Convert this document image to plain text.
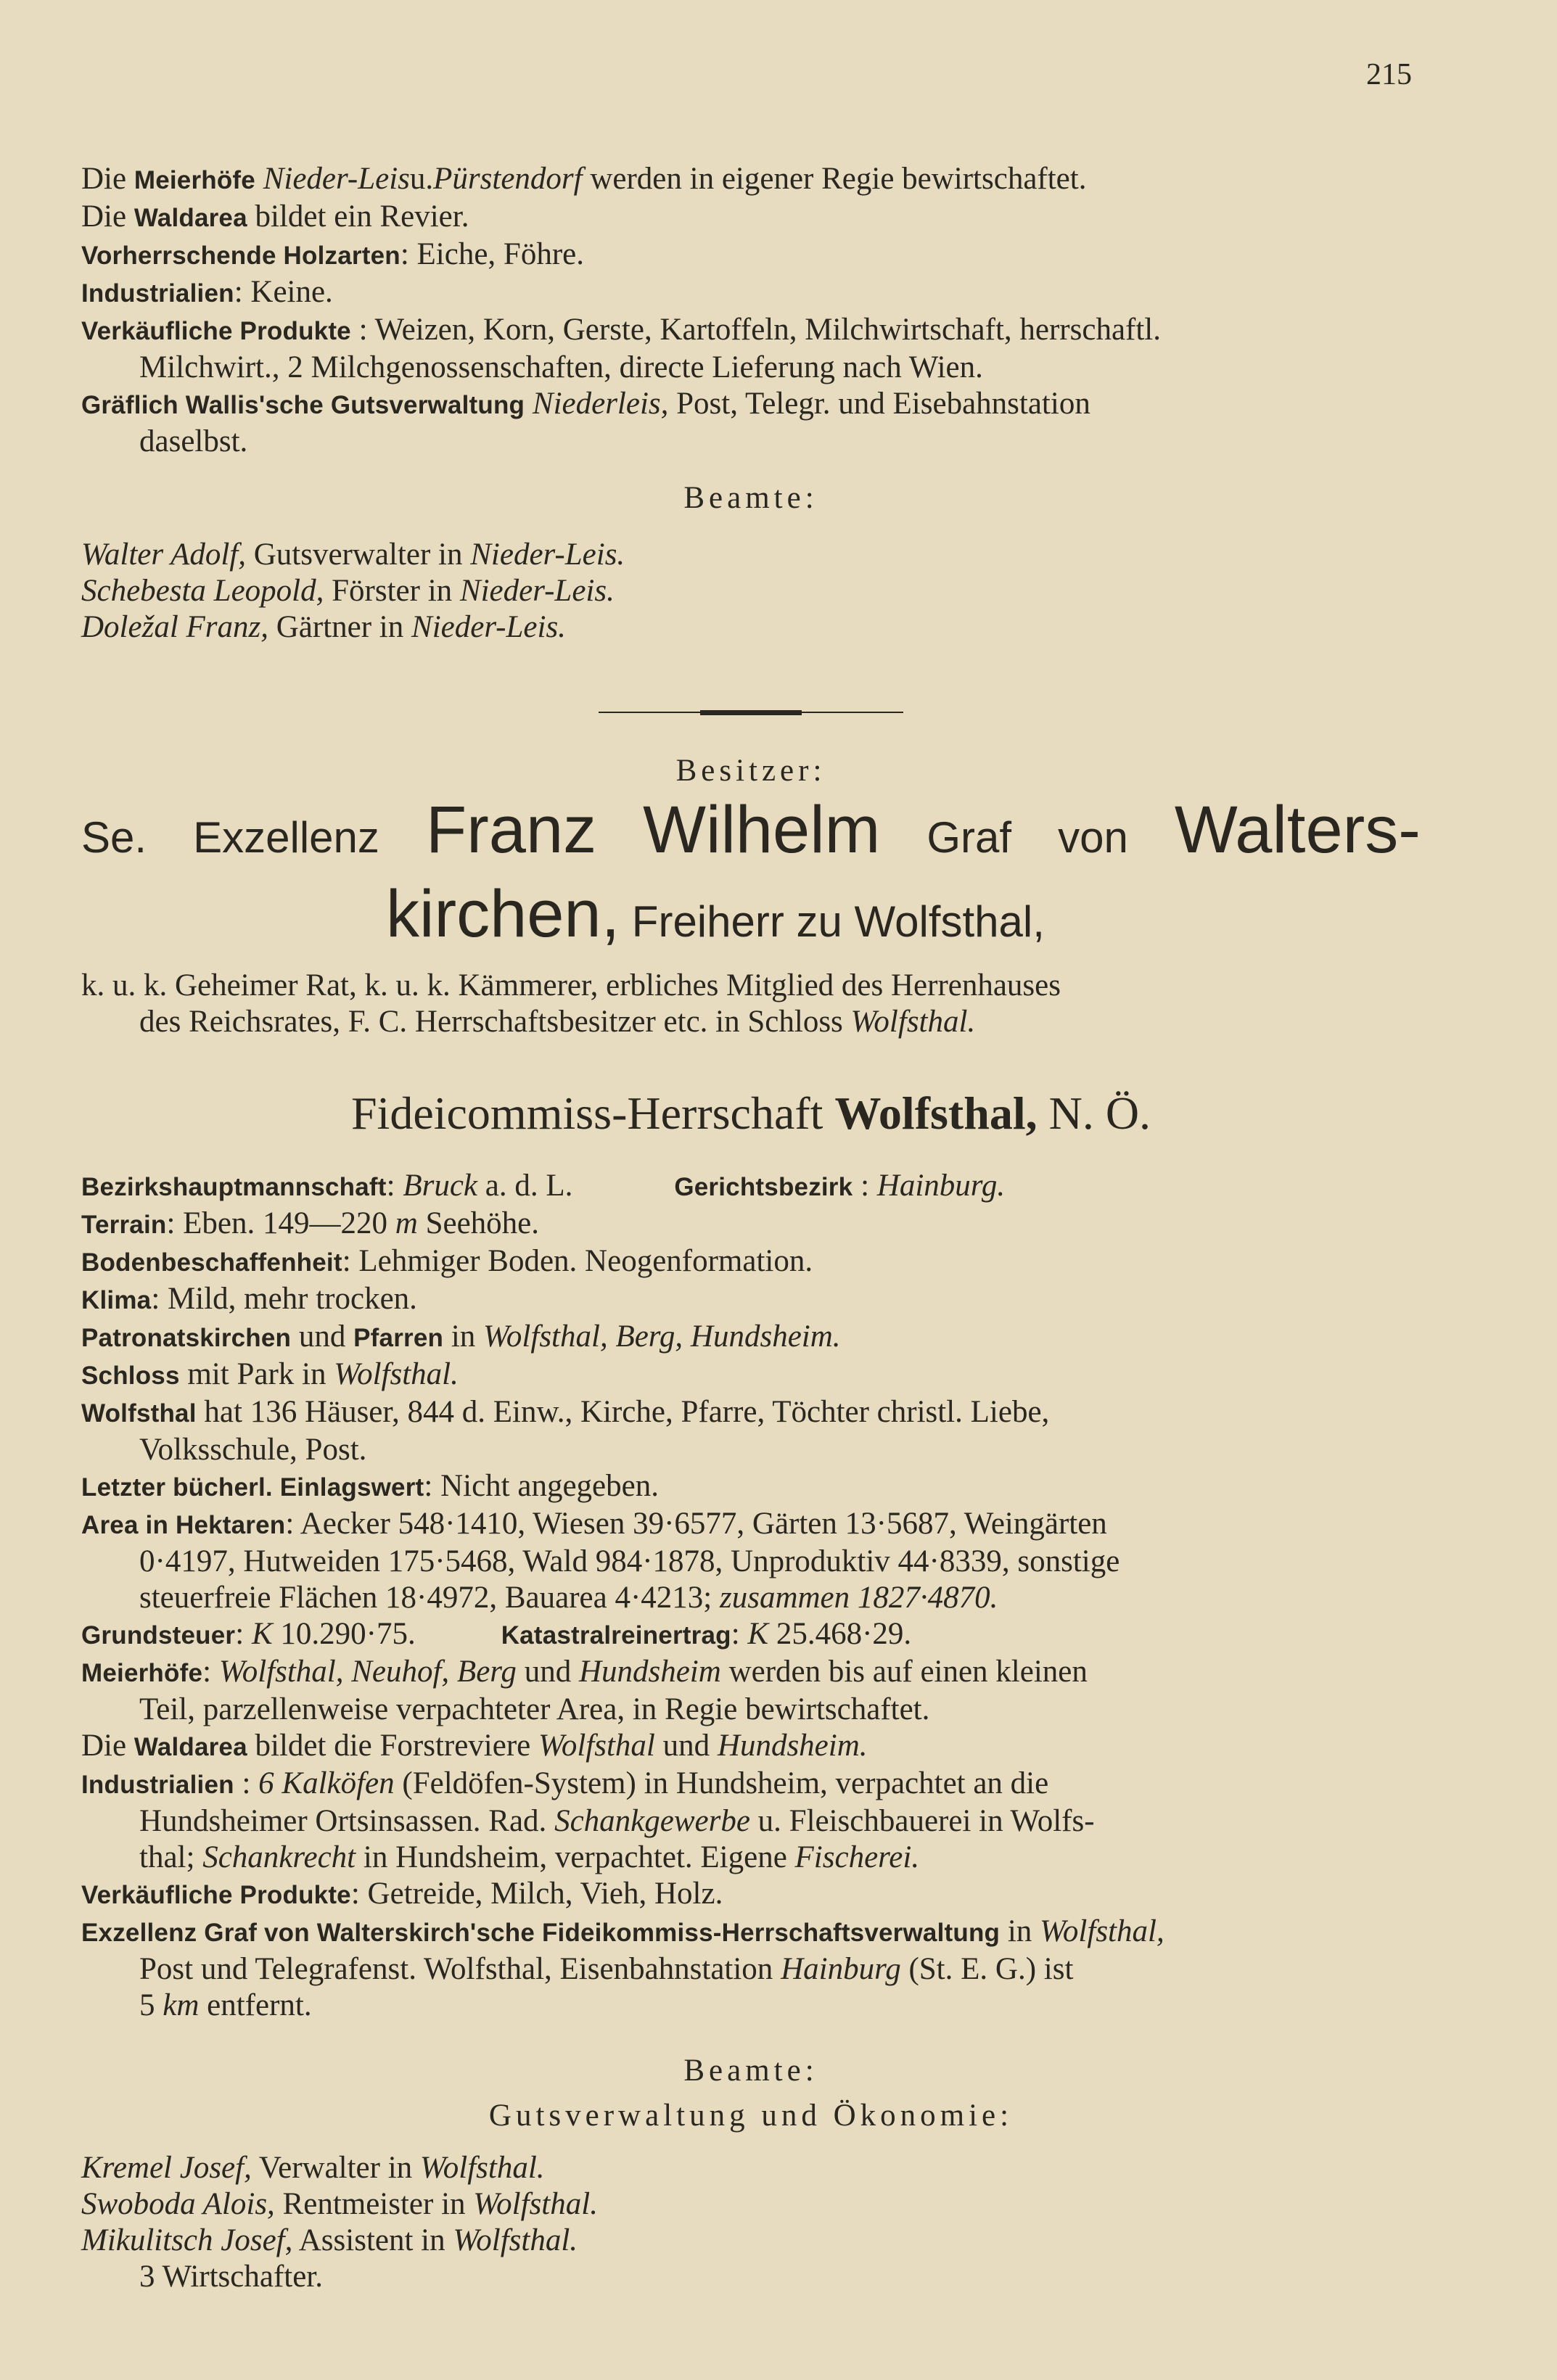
215
Die Meierhöfe Nieder-Leisu.Pürstendorf werden in eigener Regie bewirtschaftet.
Die Waldarea bildet ein Revier.
Vorherrschende Holzarten: Eiche, Föhre.
Industrialien: Keine.
Verkäufliche Produkte : Weizen, Korn, Gerste, Kartoffeln, Milchwirtschaft, herrschaftl.
Milchwirt., 2 Milchgenossenschaften, directe Lieferung nach Wien.
Gräflich Wallis'sche Gutsverwaltung Niederleis, Post, Telegr. und Eisebahnstation
daselbst.
Beamte:
Walter Adolf, Gutsverwalter in Nieder-Leis.
Schebesta Leopold, Förster in Nieder-Leis.
Doležal Franz, Gärtner in Nieder-Leis.
Besitzer:
Se. Exzellenz Franz Wilhelm Graf von Walters-
kirchen, Freiherr zu Wolfsthal,
k. u. k. Geheimer Rat, k. u. k. Kämmerer, erbliches Mitglied des Herrenhauses
des Reichsrates, F. C. Herrschaftsbesitzer etc. in Schloss Wolfsthal.
Fideicommiss-Herrschaft Wolfsthal, N. Ö.
Bezirkshauptmannschaft: Bruck a. d. L.	Gerichtsbezirk : Hainburg.
Terrain: Eben. 149—220 m Seehöhe.
Bodenbeschaffenheit: Lehmiger Boden. Neogenformation.
Klima: Mild, mehr trocken.
Patronatskirchen und Pfarren in Wolfsthal, Berg, Hundsheim.
Schloss mit Park in Wolfsthal.
Wolfsthal hat 136 Häuser, 844 d. Einw., Kirche, Pfarre, Töchter christl. Liebe,
Volksschule, Post.
Letzter bücherl. Einlagswert: Nicht angegeben.
Area in Hektaren: Aecker 548·1410, Wiesen 39·6577, Gärten 13·5687, Weingärten
0·4197, Hutweiden 175·5468, Wald 984·1878, Unproduktiv 44·8339, sonstige
steuerfreie Flächen 18·4972, Bauarea 4·4213; zusammen 1827·4870.
Grundsteuer: K 10.290·75.	Katastralreinertrag: K 25.468·29.
Meierhöfe: Wolfsthal, Neuhof, Berg und Hundsheim werden bis auf einen kleinen
Teil, parzellenweise verpachteter Area, in Regie bewirtschaftet.
Die Waldarea bildet die Forstreviere Wolfsthal und Hundsheim.
Industrialien : 6 Kalköfen (Feldöfen-System) in Hundsheim, verpachtet an die
Hundsheimer Ortsinsassen. Rad. Schankgewerbe u. Fleischbauerei in Wolfs-
thal; Schankrecht in Hundsheim, verpachtet. Eigene Fischerei.
Verkäufliche Produkte: Getreide, Milch, Vieh, Holz.
Exzellenz Graf von Walterskirch'sche Fideikommiss-Herrschaftsverwaltung in Wolfsthal,
Post und Telegrafenst. Wolfsthal, Eisenbahnstation Hainburg (St. E. G.) ist
5 km entfernt.
Beamte:
Gutsverwaltung und Ökonomie:
Kremel Josef, Verwalter in Wolfsthal.
Swoboda Alois, Rentmeister in Wolfsthal.
Mikulitsch Josef, Assistent in Wolfsthal.
3 Wirtschafter.
